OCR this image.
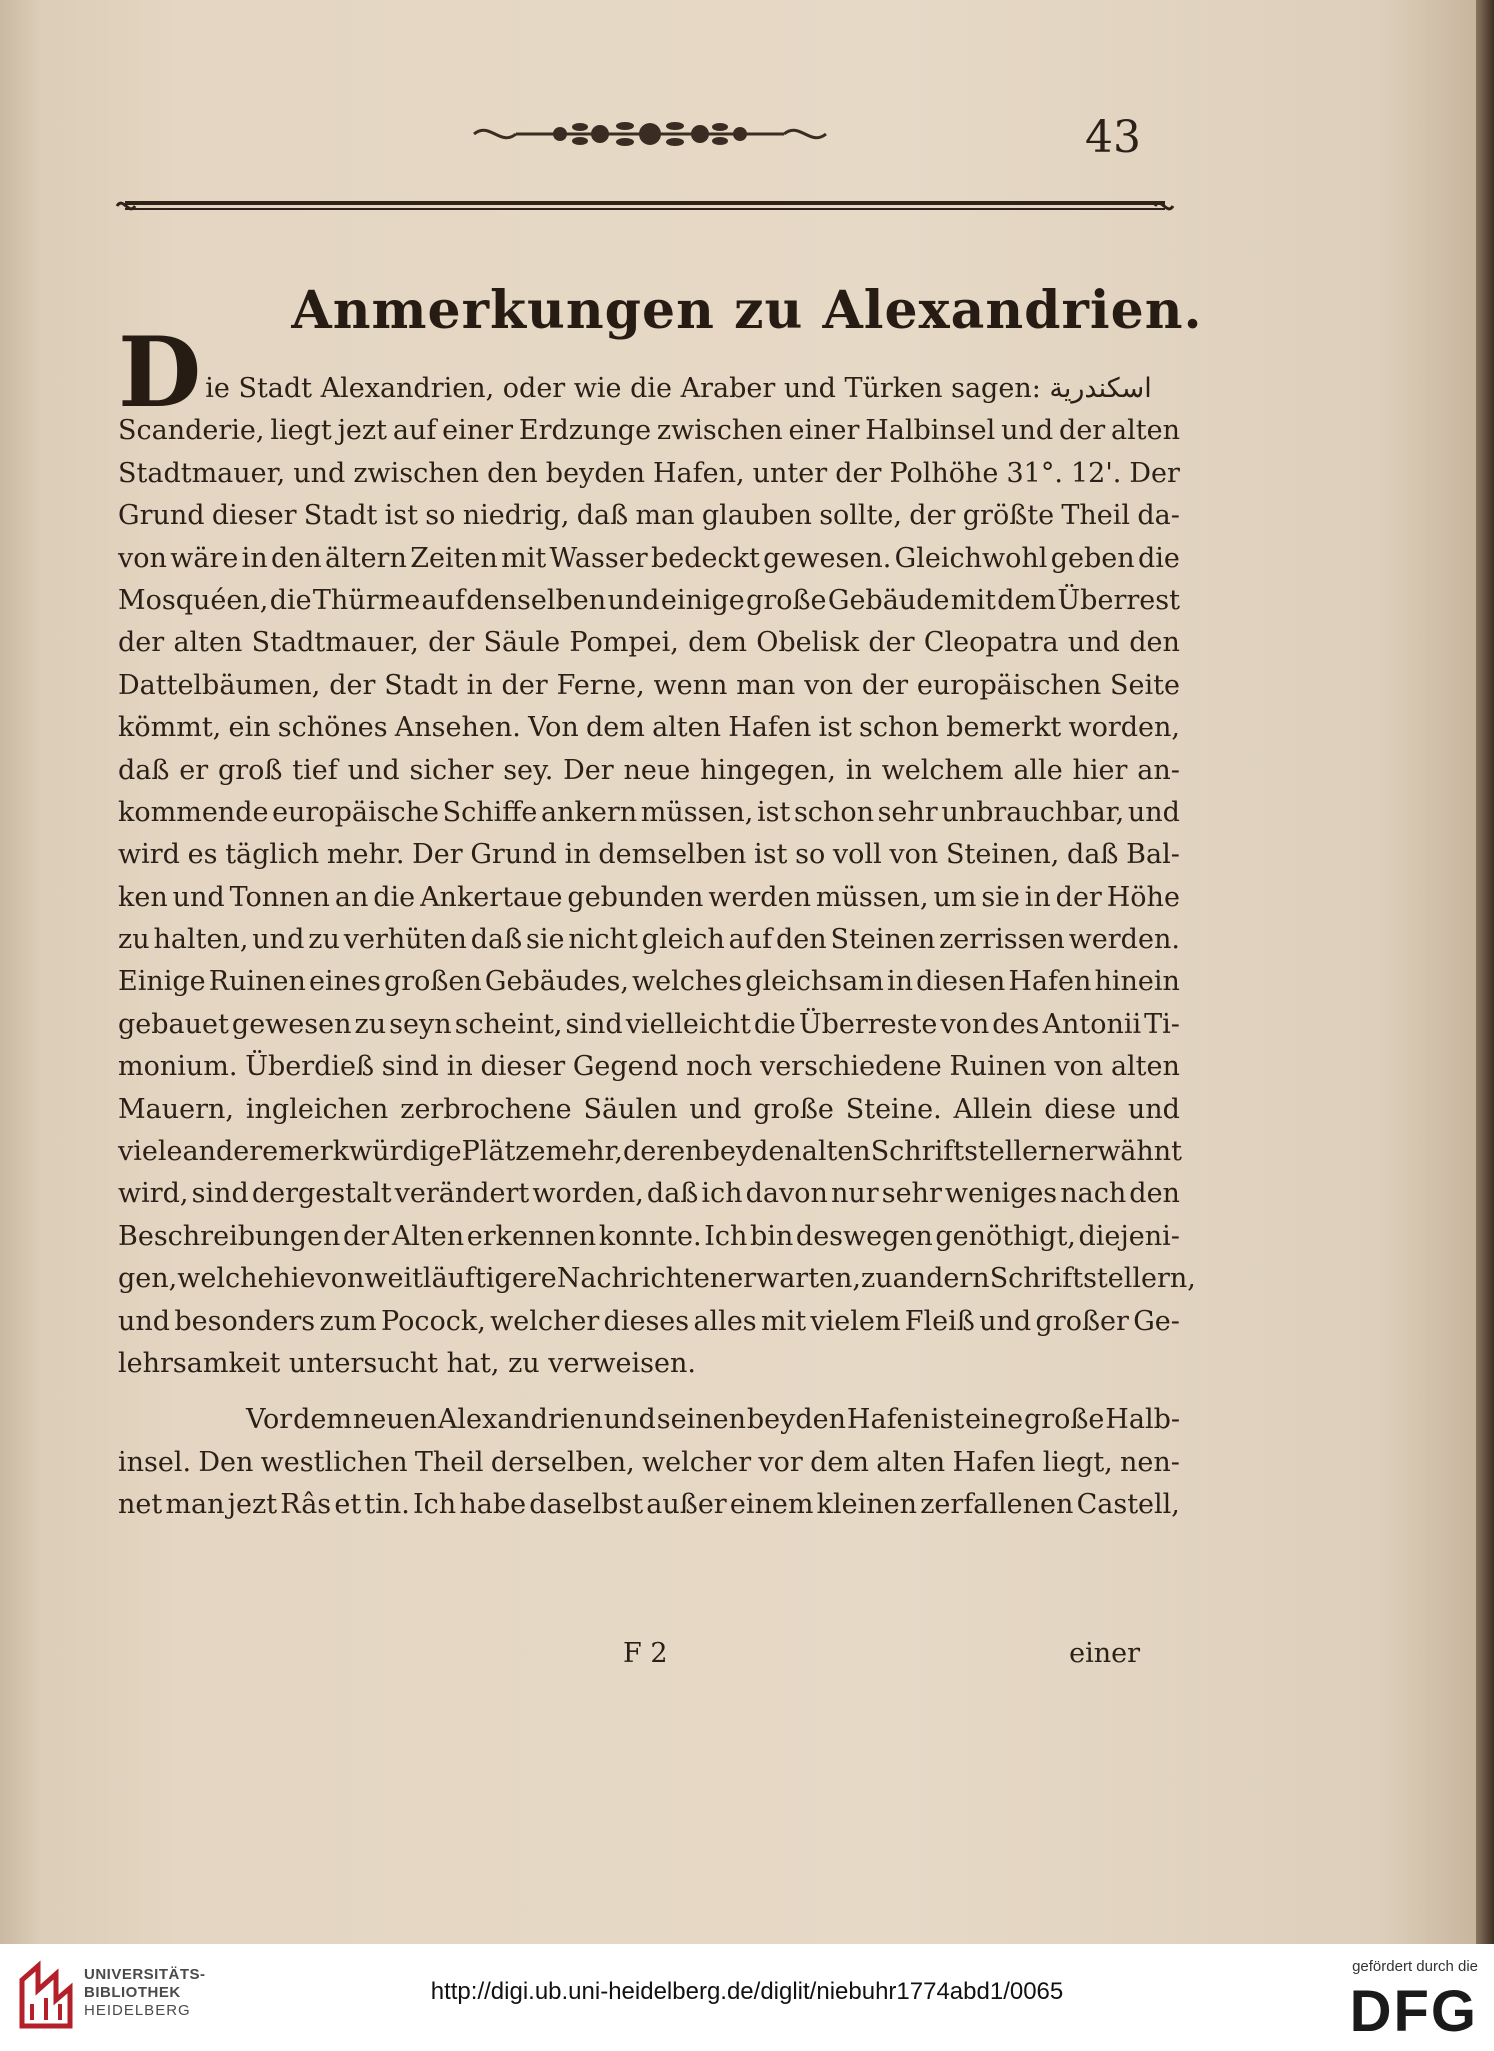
43
Anmerkungen zu Alexandrien.
Die Stadt Alexandrien, oder wie die Araber und Türken sagen: اسكندرية
Scanderie, liegt jezt auf einer Erdzunge zwischen einer Halbinsel und der alten
Stadtmauer, und zwischen den beyden Hafen, unter der Polhöhe 31°. 12'. Der
Grund dieser Stadt ist so niedrig, daß man glauben sollte, der größte Theil da-
von wäre in den ältern Zeiten mit Wasser bedeckt gewesen. Gleichwohl geben die
Mosquéen, die Thürme auf denselben und einige große Gebäude mit dem Überrest
der alten Stadtmauer, der Säule Pompei, dem Obelisk der Cleopatra und den
Dattelbäumen, der Stadt in der Ferne, wenn man von der europäischen Seite
kömmt, ein schönes Ansehen. Von dem alten Hafen ist schon bemerkt worden,
daß er groß tief und sicher sey. Der neue hingegen, in welchem alle hier an-
kommende europäische Schiffe ankern müssen, ist schon sehr unbrauchbar, und
wird es täglich mehr. Der Grund in demselben ist so voll von Steinen, daß Bal-
ken und Tonnen an die Ankertaue gebunden werden müssen, um sie in der Höhe
zu halten, und zu verhüten daß sie nicht gleich auf den Steinen zerrissen werden.
Einige Ruinen eines großen Gebäudes, welches gleichsam in diesen Hafen hinein
gebauet gewesen zu seyn scheint, sind vielleicht die Überreste von des Antonii Ti-
monium. Überdieß sind in dieser Gegend noch verschiedene Ruinen von alten
Mauern, ingleichen zerbrochene Säulen und große Steine. Allein diese und
viele andere merkwürdige Plätze mehr, deren bey den alten Schriftstellern erwähnt
wird, sind dergestalt verändert worden, daß ich davon nur sehr weniges nach den
Beschreibungen der Alten erkennen konnte. Ich bin deswegen genöthigt, diejeni-
gen, welche hievon weitläuftigere Nachrichten erwarten, zu andern Schriftstellern,
und besonders zum Pocock, welcher dieses alles mit vielem Fleiß und großer Ge-
lehrsamkeit untersucht hat, zu verweisen.
Vor dem neuen Alexandrien und seinen beyden Hafen ist eine große Halb-
insel. Den westlichen Theil derselben, welcher vor dem alten Hafen liegt, nen-
net man jezt Râs et tin. Ich habe daselbst außer einem kleinen zerfallenen Castell,
F 2	einer
UNIVERSITÄTS-
BIBLIOTHEK
HEIDELBERG
http://digi.ub.uni-heidelberg.de/diglit/niebuhr1774abd1/0065
gefördert durch die
DFG
